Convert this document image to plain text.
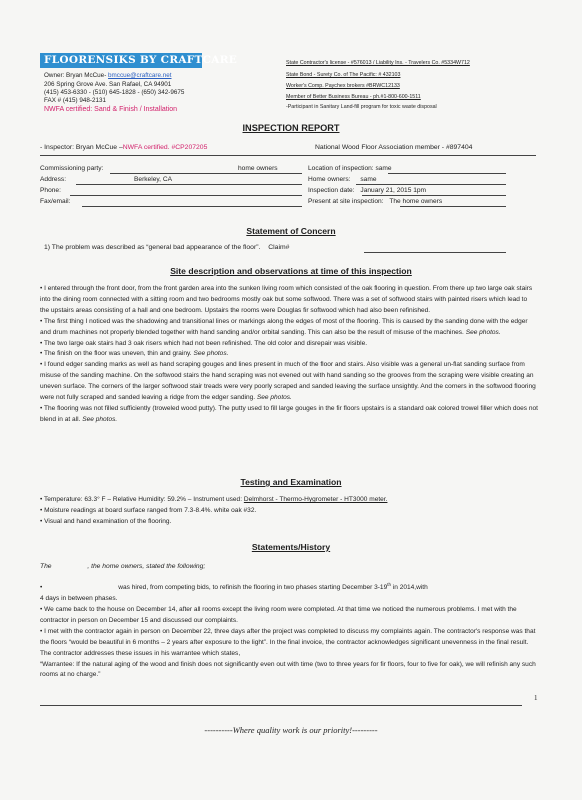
FLOORENSIKS BY CRAFTCARE
Owner: Bryan McCue- bmccue@craftcare.net
206 Spring Grove Ave. San Rafael, CA 94901
(415) 453-6330 - (510) 645-1828 - (650) 342-9675
FAX # (415) 948-2131
NWFA certified: Sand & Finish / Installation
State Contractor's license - #576013 / Liability Ins. - Travelers Co. #5334W712
State Bond - Surety Co. of The Pacific: # 432103
Worker's Comp. Paychex brokers #BRWC12133
Member of Better Business Bureau - ph.#1-800-600-1511
-Participant in Sanitary Land-fill program for toxic waste disposal
INSPECTION REPORT
- Inspector: Bryan McCue –NWFA certified. #CP207205	National Wood Floor Association member - #897404
Commissioning party:	home owners
Address:	Berkeley, CA
Phone:
Fax/email:
Location of inspection: same
Home owners: same
Inspection date: January 21, 2015 1pm
Present at site inspection: The home owners
Statement of Concern
1) The problem was described as “general bad appearance of the floor”. Claim#
Site description and observations at time of this inspection
• I entered through the front door, from the front garden area into the sunken living room which consisted of the oak flooring in question. From there up two large oak stairs into the dining room connected with a sitting room and two bedrooms mostly oak but some softwood. There was a set of softwood stairs with painted risers which lead to the upstairs areas consisting of a hall and one bedroom. Upstairs the rooms were Douglas fir softwood which had also been refinished.
• The first thing I noticed was the shadowing and transitional lines or markings along the edges of most of the flooring. This is caused by the sanding done with the edger and drum machines not properly blended together with hand sanding and/or orbital sanding. This can also be the result of misuse of the machines. See photos.
• The two large oak stairs had 3 oak risers which had not been refinished. The old color and disrepair was visible.
• The finish on the floor was uneven, thin and grainy. See photos.
• I found edger sanding marks as well as hand scraping gouges and lines present in much of the floor and stairs. Also visible was a general un-flat sanding surface from misuse of the sanding machine. On the softwood stairs the hand scraping was not evened out with hand sanding so the grooves from the scraping were visible creating an uneven surface. The corners of the larger softwood stair treads were very poorly scraped and sanded leaving the surface unsightly. And the corners in the softwood flooring were not fully scraped and sanded leaving a ridge from the edger sanding. See photos.
• The flooring was not filled sufficiently (troweled wood putty). The putty used to fill large gouges in the fir floors upstairs is a standard oak colored trowel filler which does not blend in at all. See photos.
Testing and Examination
• Temperature: 63.3° F – Relative Humidity: 59.2% – Instrument used: Delmhorst - Thermo-Hygrometer - HT3000 meter.
• Moisture readings at board surface ranged from 7.3-8.4%. white oak #32.
• Visual and hand examination of the flooring.
Statements/History
The	, the home owners, stated the following;
•	was hired, from competing bids, to refinish the flooring in two phases starting December 3-19th in 2014,with
4 days in between phases.
• We came back to the house on December 14, after all rooms except the living room were completed. At that time we noticed the numerous problems. I met with the contractor in person on December 15 and discussed our complaints.
• I met with the contractor again in person on December 22, three days after the project was completed to discuss my complaints again. The contractor's response was that the floors “would be beautiful in 6 months – 2 years after exposure to the light”. In the final invoice, the contractor acknowledges significant unevenness in the final result. The contractor addresses these issues in his warrantee which states,
“Warrantee: If the natural aging of the wood and finish does not significantly even out with time (two to three years for fir floors, four to five for oak), we will refinish any such rooms at no charge.”
1
----------Where quality work is our priority!---------
